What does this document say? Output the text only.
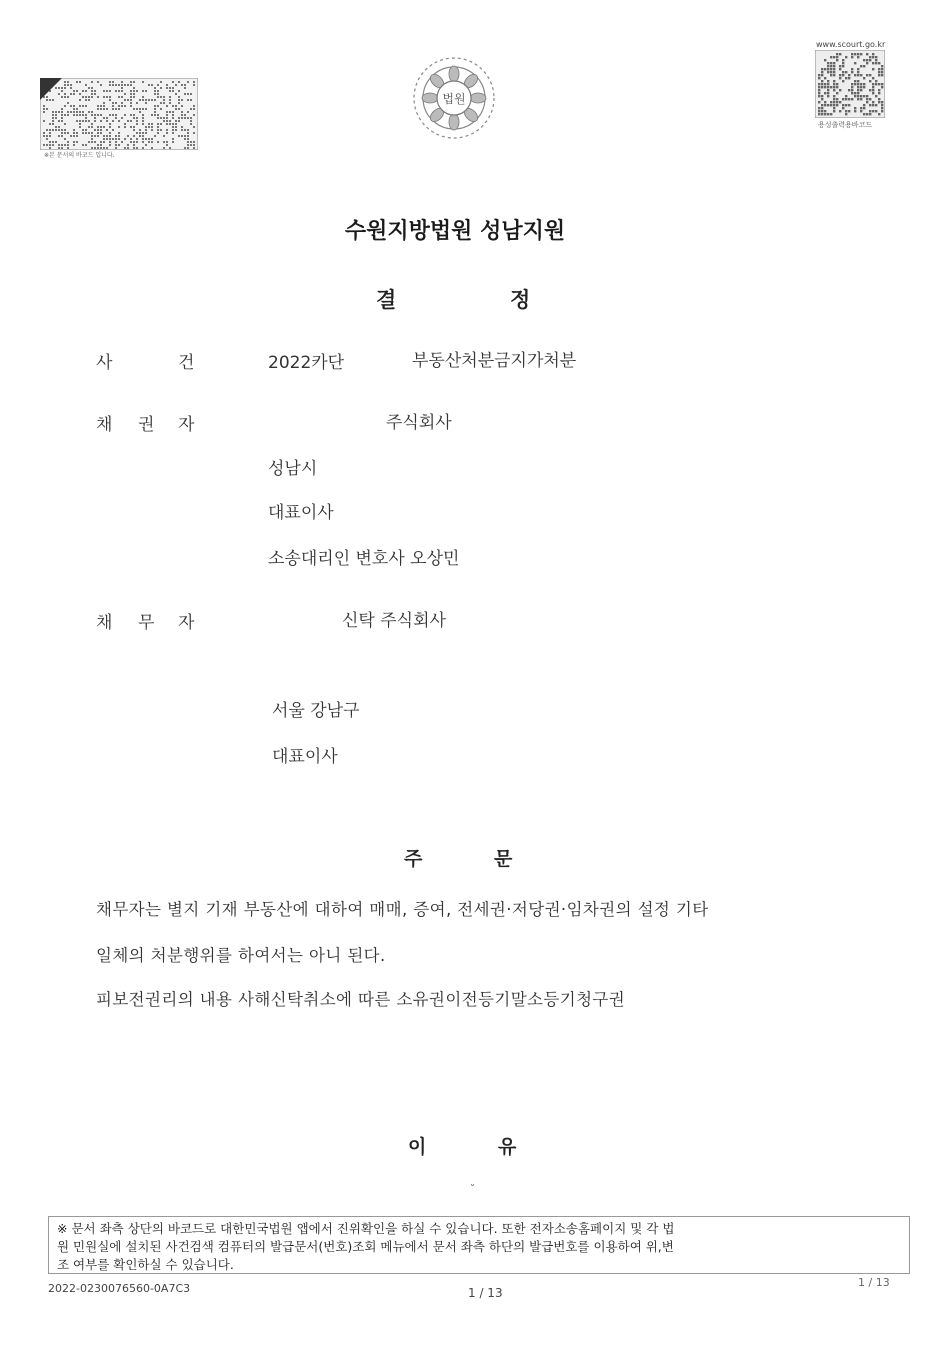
※본 문서의 바코드 입니다.
법원
www.scourt.go.kr
용성출력용바코드
수원지방법원 성남지원
결	정
사	건	2022카단	부동산처분금지가처분
채 권 자	주식회사
성남시
대표이사
소송대리인 변호사 오상민
채 무 자	신탁 주식회사
서울 강남구
대표이사
주	문
채무자는 별지 기재 부동산에 대하여 매매, 증여, 전세권·저당권·임차권의 설정 기타
일체의 처분행위를 하여서는 아니 된다.
피보전권리의 내용 사해신탁취소에 따른 소유권이전등기말소등기청구권
이	유
˘
※ 문서 좌측 상단의 바코드로 대한민국법원 앱에서 진위확인을 하실 수 있습니다. 또한 전자소송홈페이지 및 각 법
원 민원실에 설치된 사건검색 컴퓨터의 발급문서(번호)조회 메뉴에서 문서 좌측 하단의 발급번호를 이용하여 위,변
조 여부를 확인하실 수 있습니다.
2022-0230076560-0A7C3	1 / 13
1 / 13
